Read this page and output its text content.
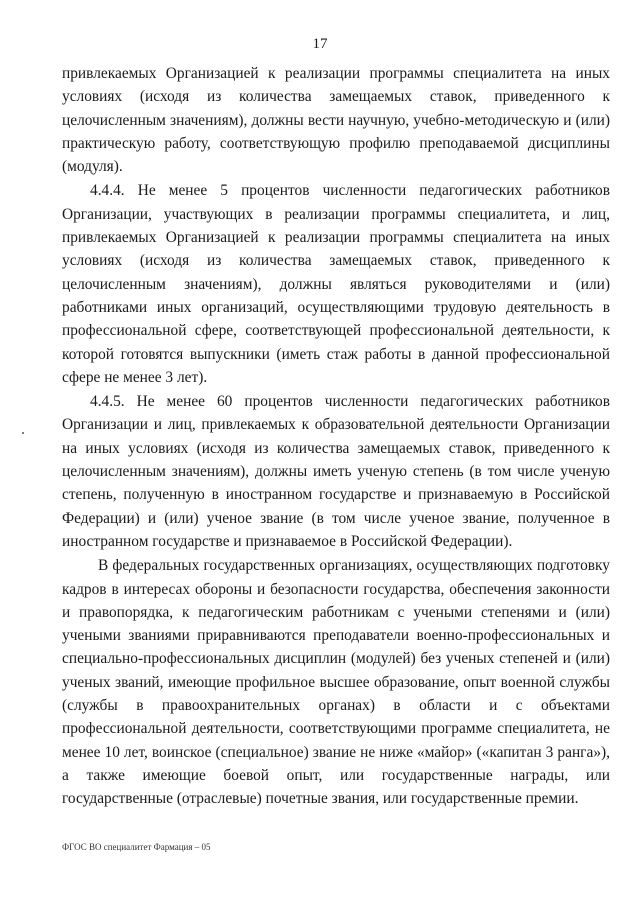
17

привлекаемых Организацией к реализации программы специалитета на иных условиях (исходя из количества замещаемых ставок, приведенного к целочисленным значениям), должны вести научную, учебно-методическую и (или) практическую работу, соответствующую профилю преподаваемой дисциплины (модуля).

4.4.4. Не менее 5 процентов численности педагогических работников Организации, участвующих в реализации программы специалитета, и лиц, привлекаемых Организацией к реализации программы специалитета на иных условиях (исходя из количества замещаемых ставок, приведенного к целочисленным значениям), должны являться руководителями и (или) работниками иных организаций, осуществляющими трудовую деятельность в профессиональной сфере, соответствующей профессиональной деятельности, к которой готовятся выпускники (иметь стаж работы в данной профессиональной сфере не менее 3 лет).

4.4.5. Не менее 60 процентов численности педагогических работников Организации и лиц, привлекаемых к образовательной деятельности Организации на иных условиях (исходя из количества замещаемых ставок, приведенного к целочисленным значениям), должны иметь ученую степень (в том числе ученую степень, полученную в иностранном государстве и признаваемую в Российской Федерации) и (или) ученое звание (в том числе ученое звание, полученное в иностранном государстве и признаваемое в Российской Федерации).

В федеральных государственных организациях, осуществляющих подготовку кадров в интересах обороны и безопасности государства, обеспечения законности и правопорядка, к педагогическим работникам с учеными степенями и (или) учеными званиями приравниваются преподаватели военно-профессиональных и специально-профессиональных дисциплин (модулей) без ученых степеней и (или) ученых званий, имеющие профильное высшее образование, опыт военной службы (службы в правоохранительных органах) в области и с объектами профессиональной деятельности, соответствующими программе специалитета, не менее 10 лет, воинское (специальное) звание не ниже «майор» («капитан 3 ранга»), а также имеющие боевой опыт, или государственные награды, или государственные (отраслевые) почетные звания, или государственные премии.

ФГОС ВО специалитет Фармация – 05
